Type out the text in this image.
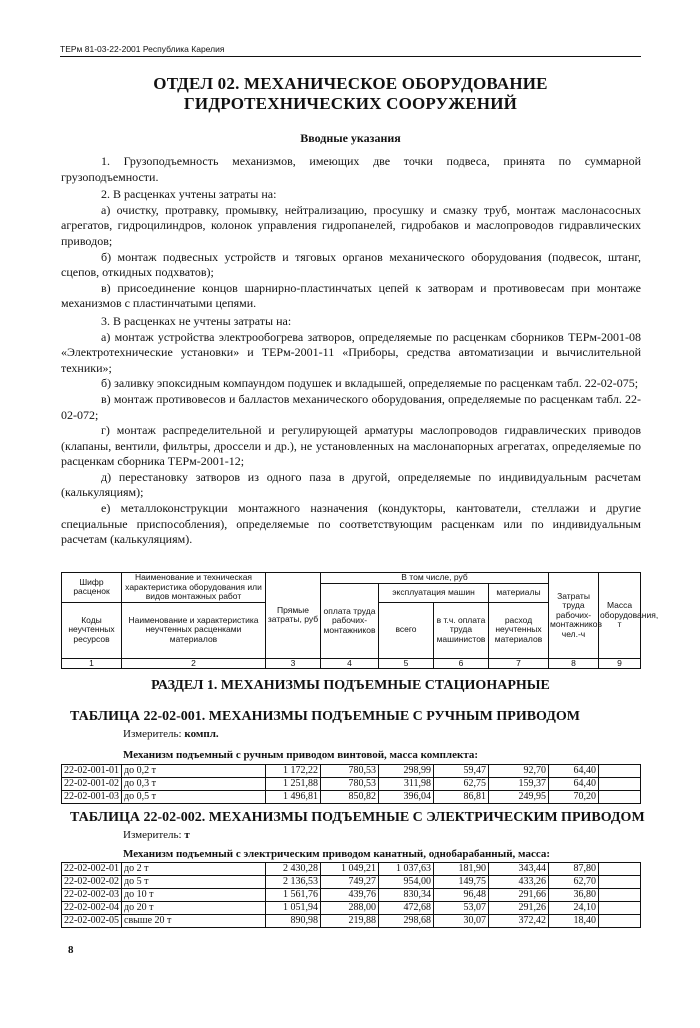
ТЕРм 81-03-22-2001 Республика Карелия
ОТДЕЛ 02. МЕХАНИЧЕСКОЕ ОБОРУДОВАНИЕ
ГИДРОТЕХНИЧЕСКИХ СООРУЖЕНИЙ
Вводные указания

1. Грузоподъемность механизмов, имеющих две точки подвеса, принята по суммарной грузоподъемности.

2. В расценках учтены затраты на:

а) очистку, протравку, промывку, нейтрализацию, просушку и смазку труб, монтаж маслонасосных агрегатов, гидроцилиндров, колонок управления гидропанелей, гидробаков и маслопроводов гидравлических приводов;

б) монтаж подвесных устройств и тяговых органов механического оборудования (подвесок, штанг, сцепов, откидных подхватов);

в) присоединение концов шарнирно-пластинчатых цепей к затворам и противовесам при монтаже механизмов с пластинчатыми цепями.

3. В расценках не учтены затраты на:

а) монтаж устройства электрообогрева затворов, определяемые по расценкам сборников ТЕРм-2001-08 «Электротехнические установки» и ТЕРм-2001-11 «Приборы, средства автоматизации и вычислительной техники»;

б) заливку эпоксидным компаундом подушек и вкладышей, определяемые по расценкам табл. 22-02-075;

в) монтаж противовесов и балластов механического оборудования, определяемые по расценкам табл. 22-02-072;

г) монтаж распределительной и регулирующей арматуры маслопроводов гидравлических приводов (клапаны, вентили, фильтры, дроссели и др.), не установленных на маслонапорных агрегатах, определяемые по расценкам сборника ТЕРм-2001-12;

д) перестановку затворов из одного паза в другой, определяемые по индивидуальным расчетам (калькуляциям);

е) металлоконструкции монтажного назначения (кондукторы, кантователи, стеллажи и другие специальные приспособления), определяемые по соответствующим расценкам или по индивидуальным расчетам (калькуляциям).

Шифр расценок	Наименование и техническая характеристика оборудования или видов монтажных работ	Прямые затраты, руб	В том числе, руб				Затраты труда рабочих-монтажников чел.-ч	Масса оборудования, т
			оплата труда рабочих-монтажников	эксплуатация машин		материалы		
Коды неучтенных ресурсов	Наименование и характеристика неучтенных расценками материалов			всего	в т.ч. оплата труда машинистов	расход неучтенных материалов		

1	2	3	4	5	6	7	8	9
РАЗДЕЛ 1. МЕХАНИЗМЫ ПОДЪЕМНЫЕ СТАЦИОНАРНЫЕ
ТАБЛИЦА 22-02-001. МЕХАНИЗМЫ ПОДЪЕМНЫЕ С РУЧНЫМ ПРИВОДОМ
Измеритель: компл.
Механизм подъемный с ручным приводом винтовой, масса комплекта:
22-02-001-01	до 0,2 т	1 172,22	780,53	298,99	59,47	92,70	64,40	
22-02-001-02	до 0,3 т	1 251,88	780,53	311,98	62,75	159,37	64,40	
22-02-001-03	до 0,5 т	1 496,81	850,82	396,04	86,81	249,95	70,20	
ТАБЛИЦА 22-02-002. МЕХАНИЗМЫ ПОДЪЕМНЫЕ С ЭЛЕКТРИЧЕСКИМ ПРИВОДОМ
Измеритель: т
Механизм подъемный с электрическим приводом канатный, однобарабанный, масса:
22-02-002-01	до 2 т	2 430,28	1 049,21	1 037,63	181,90	343,44	87,80	
22-02-002-02	до 5 т	2 136,53	749,27	954,00	149,75	433,26	62,70	
22-02-002-03	до 10 т	1 561,76	439,76	830,34	96,48	291,66	36,80	
22-02-002-04	до 20 т	1 051,94	288,00	472,68	53,07	291,26	24,10	
22-02-002-05	свыше 20 т	890,98	219,88	298,68	30,07	372,42	18,40	
8
